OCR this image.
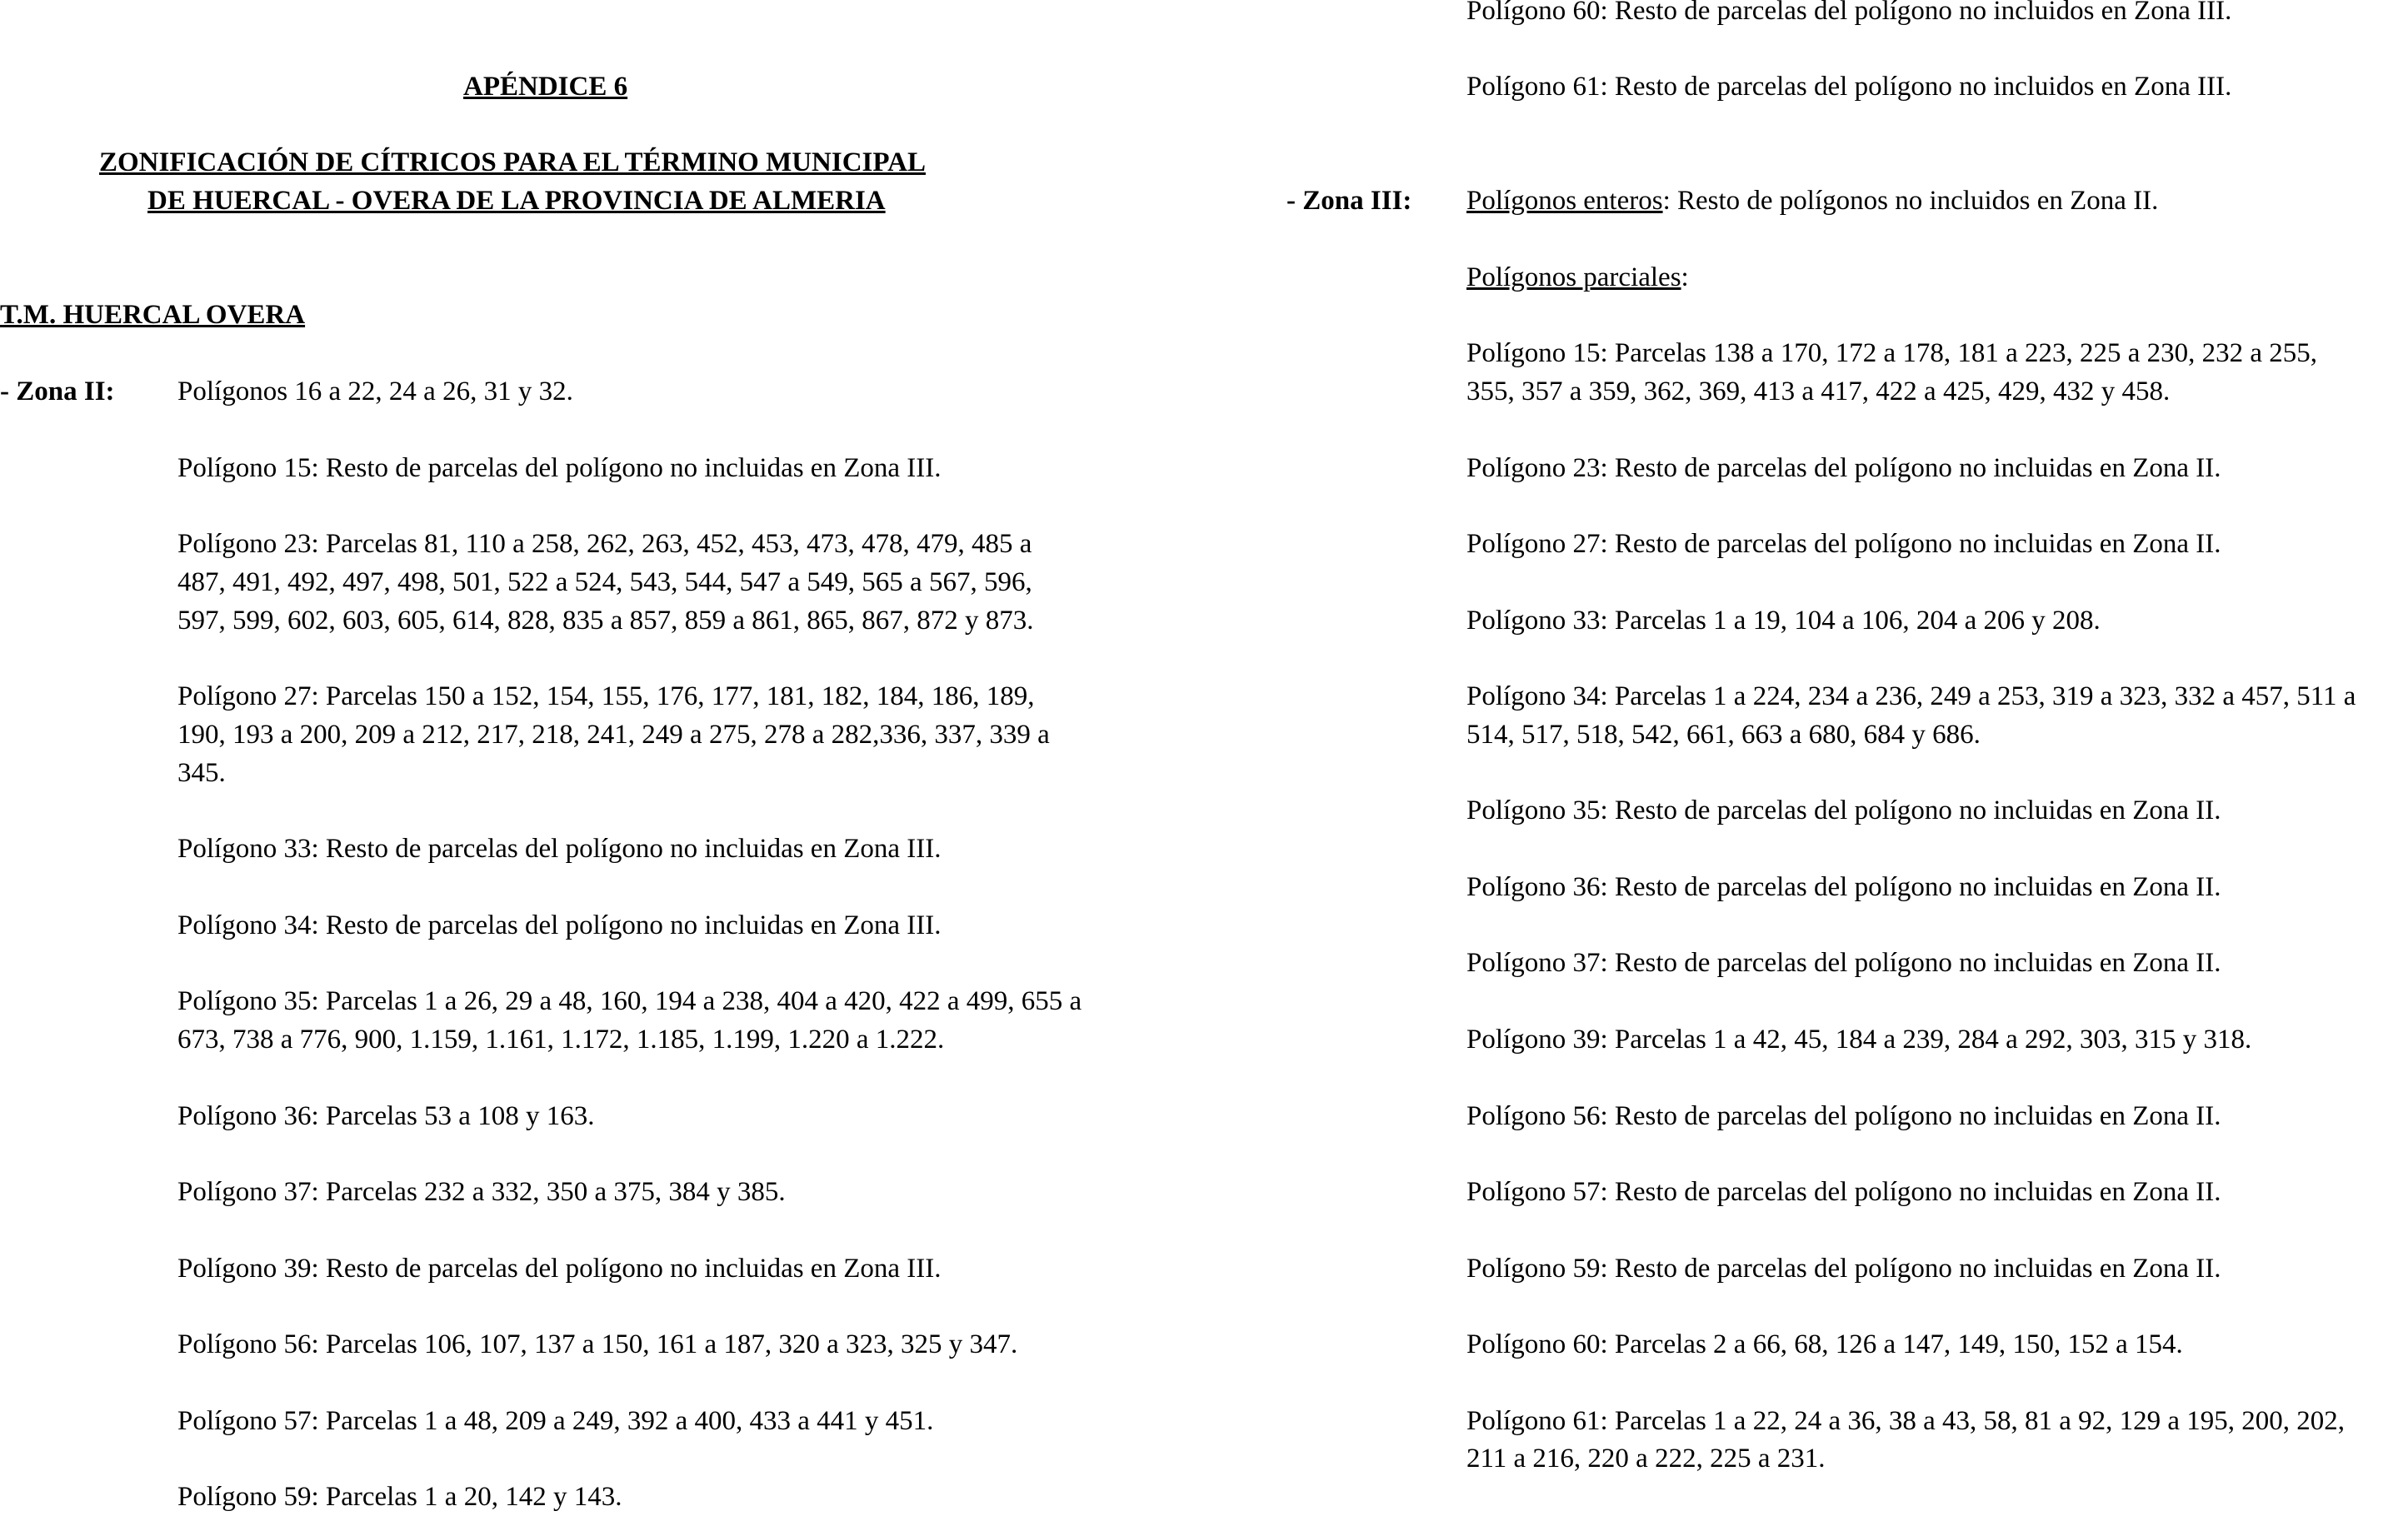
APÉNDICE 6

ZONIFICACIÓN DE CÍTRICOS PARA EL TÉRMINO MUNICIPAL

DE HUERCAL - OVERA DE LA PROVINCIA DE ALMERIA

T.M. HUERCAL OVERA

- Zona II: Polígonos 16 a 22, 24 a 26, 31 y 32.

Polígono 15: Resto de parcelas del polígono no incluidas en Zona III.

Polígono 23: Parcelas 81, 110 a 258, 262, 263, 452, 453, 473, 478, 479, 485 a

487, 491, 492, 497, 498, 501, 522 a 524, 543, 544, 547 a 549, 565 a 567, 596,

597, 599, 602, 603, 605, 614, 828, 835 a 857, 859 a 861, 865, 867, 872 y 873.

Polígono 27: Parcelas 150 a 152, 154, 155, 176, 177, 181, 182, 184, 186, 189,

190, 193 a 200, 209 a 212, 217, 218, 241, 249 a 275, 278 a 282,336, 337, 339 a

345.

Polígono 33: Resto de parcelas del polígono no incluidas en Zona III.

Polígono 34: Resto de parcelas del polígono no incluidas en Zona III.

Polígono 35: Parcelas 1 a 26, 29 a 48, 160, 194 a 238, 404 a 420, 422 a 499, 655 a

673, 738 a 776, 900, 1.159, 1.161, 1.172, 1.185, 1.199, 1.220 a 1.222.

Polígono 36: Parcelas 53 a 108 y 163.

Polígono 37: Parcelas 232 a 332, 350 a 375, 384 y 385.

Polígono 39: Resto de parcelas del polígono no incluidas en Zona III.

Polígono 56: Parcelas 106, 107, 137 a 150, 161 a 187, 320 a 323, 325 y 347.

Polígono 57: Parcelas 1 a 48, 209 a 249, 392 a 400, 433 a 441 y 451.

Polígono 59: Parcelas 1 a 20, 142 y 143.

Polígono 60: Resto de parcelas del polígono no incluidos en Zona III.

Polígono 61: Resto de parcelas del polígono no incluidos en Zona III.

- Zona III: Polígonos enteros: Resto de polígonos no incluidos en Zona II.

Polígonos parciales:

Polígono 15: Parcelas 138 a 170, 172 a 178, 181 a 223, 225 a 230, 232 a 255,

355, 357 a 359, 362, 369, 413 a 417, 422 a 425, 429, 432 y 458.

Polígono 23: Resto de parcelas del polígono no incluidas en Zona II.

Polígono 27: Resto de parcelas del polígono no incluidas en Zona II.

Polígono 33: Parcelas 1 a 19, 104 a 106, 204 a 206 y 208.

Polígono 34: Parcelas 1 a 224, 234 a 236, 249 a 253, 319 a 323, 332 a 457, 511 a

514, 517, 518, 542, 661, 663 a 680, 684 y 686.

Polígono 35: Resto de parcelas del polígono no incluidas en Zona II.

Polígono 36: Resto de parcelas del polígono no incluidas en Zona II.

Polígono 37: Resto de parcelas del polígono no incluidas en Zona II.

Polígono 39: Parcelas 1 a 42, 45, 184 a 239, 284 a 292, 303, 315 y 318.

Polígono 56: Resto de parcelas del polígono no incluidas en Zona II.

Polígono 57: Resto de parcelas del polígono no incluidas en Zona II.

Polígono 59: Resto de parcelas del polígono no incluidas en Zona II.

Polígono 60: Parcelas 2 a 66, 68, 126 a 147, 149, 150, 152 a 154.

Polígono 61: Parcelas 1 a 22, 24 a 36, 38 a 43, 58, 81 a 92, 129 a 195, 200, 202,

211 a 216, 220 a 222, 225 a 231.
